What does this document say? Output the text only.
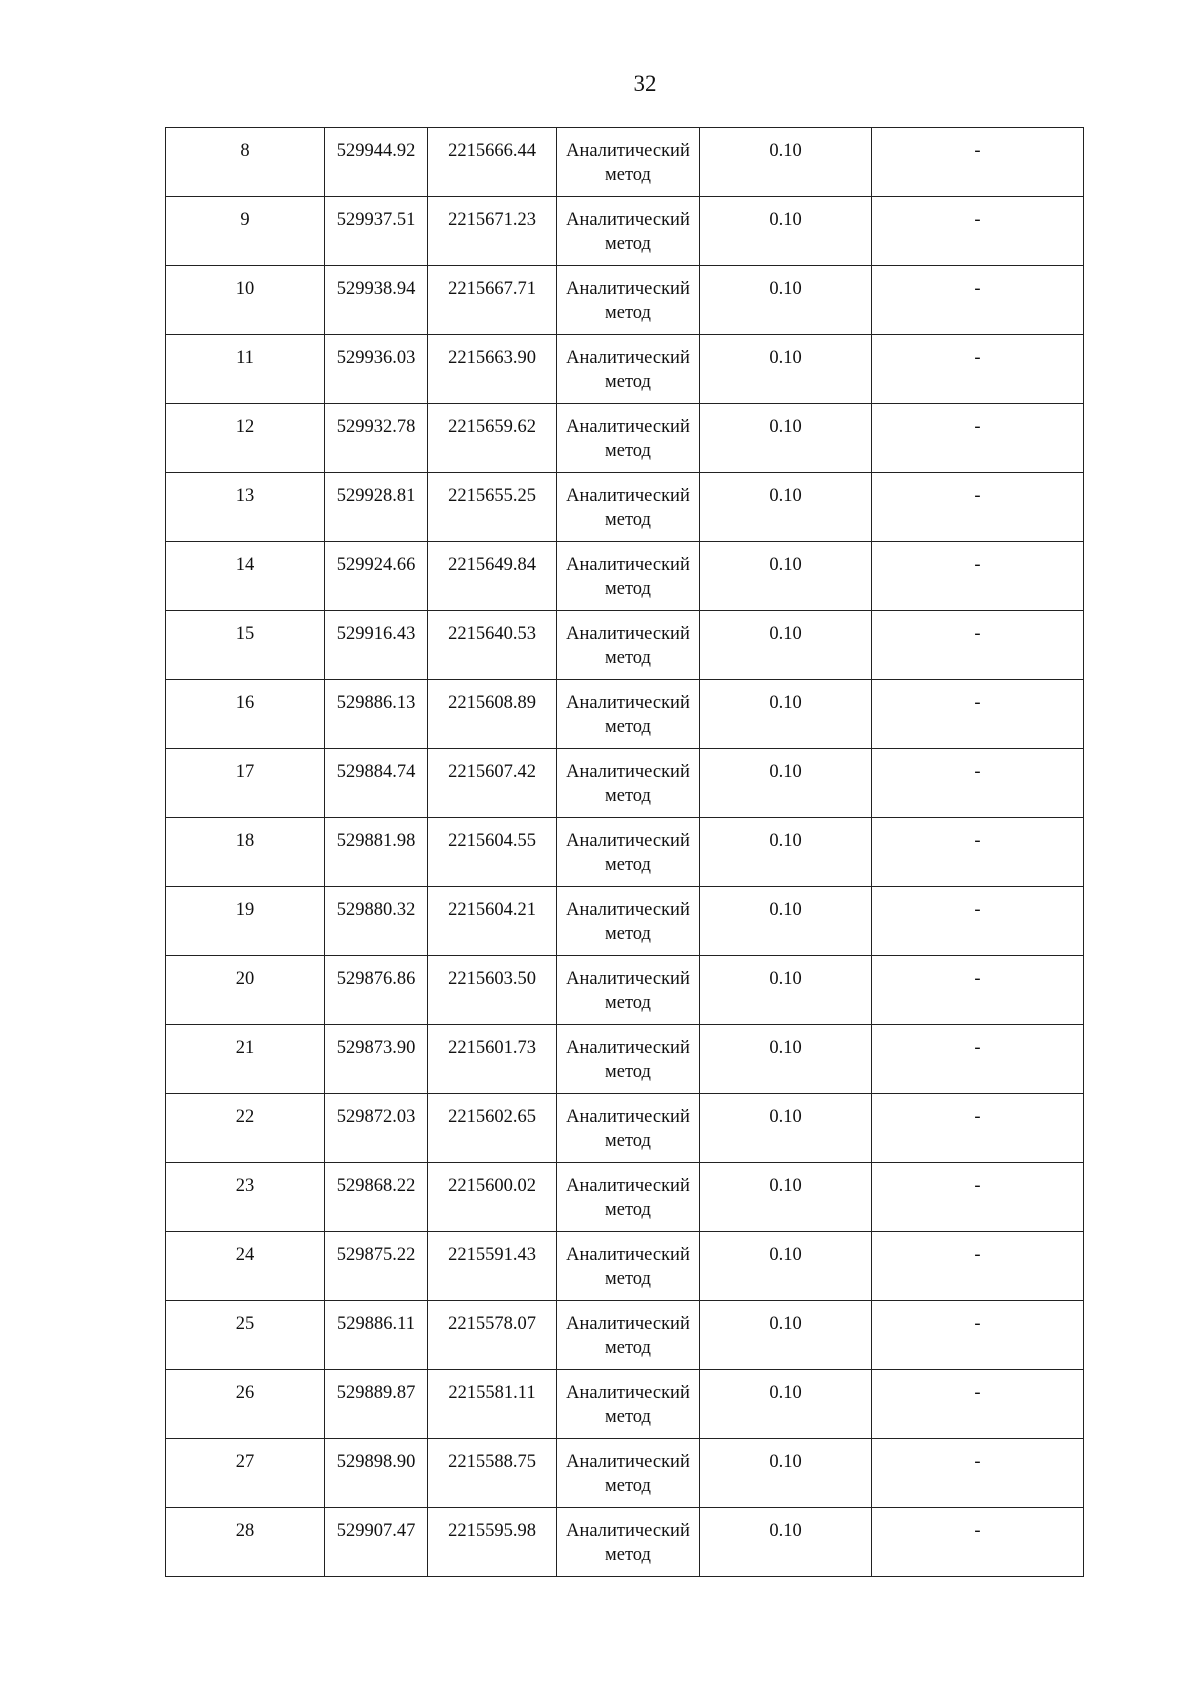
32
8	529944.92	2215666.44	Аналитический метод	0.10	-

9	529937.51	2215671.23	Аналитический метод	0.10	-

10	529938.94	2215667.71	Аналитический метод	0.10	-

11	529936.03	2215663.90	Аналитический метод	0.10	-

12	529932.78	2215659.62	Аналитический метод	0.10	-

13	529928.81	2215655.25	Аналитический метод	0.10	-

14	529924.66	2215649.84	Аналитический метод	0.10	-

15	529916.43	2215640.53	Аналитический метод	0.10	-

16	529886.13	2215608.89	Аналитический метод	0.10	-

17	529884.74	2215607.42	Аналитический метод	0.10	-

18	529881.98	2215604.55	Аналитический метод	0.10	-

19	529880.32	2215604.21	Аналитический метод	0.10	-

20	529876.86	2215603.50	Аналитический метод	0.10	-

21	529873.90	2215601.73	Аналитический метод	0.10	-

22	529872.03	2215602.65	Аналитический метод	0.10	-

23	529868.22	2215600.02	Аналитический метод	0.10	-

24	529875.22	2215591.43	Аналитический метод	0.10	-

25	529886.11	2215578.07	Аналитический метод	0.10	-

26	529889.87	2215581.11	Аналитический метод	0.10	-

27	529898.90	2215588.75	Аналитический метод	0.10	-

28	529907.47	2215595.98	Аналитический метод	0.10	-
